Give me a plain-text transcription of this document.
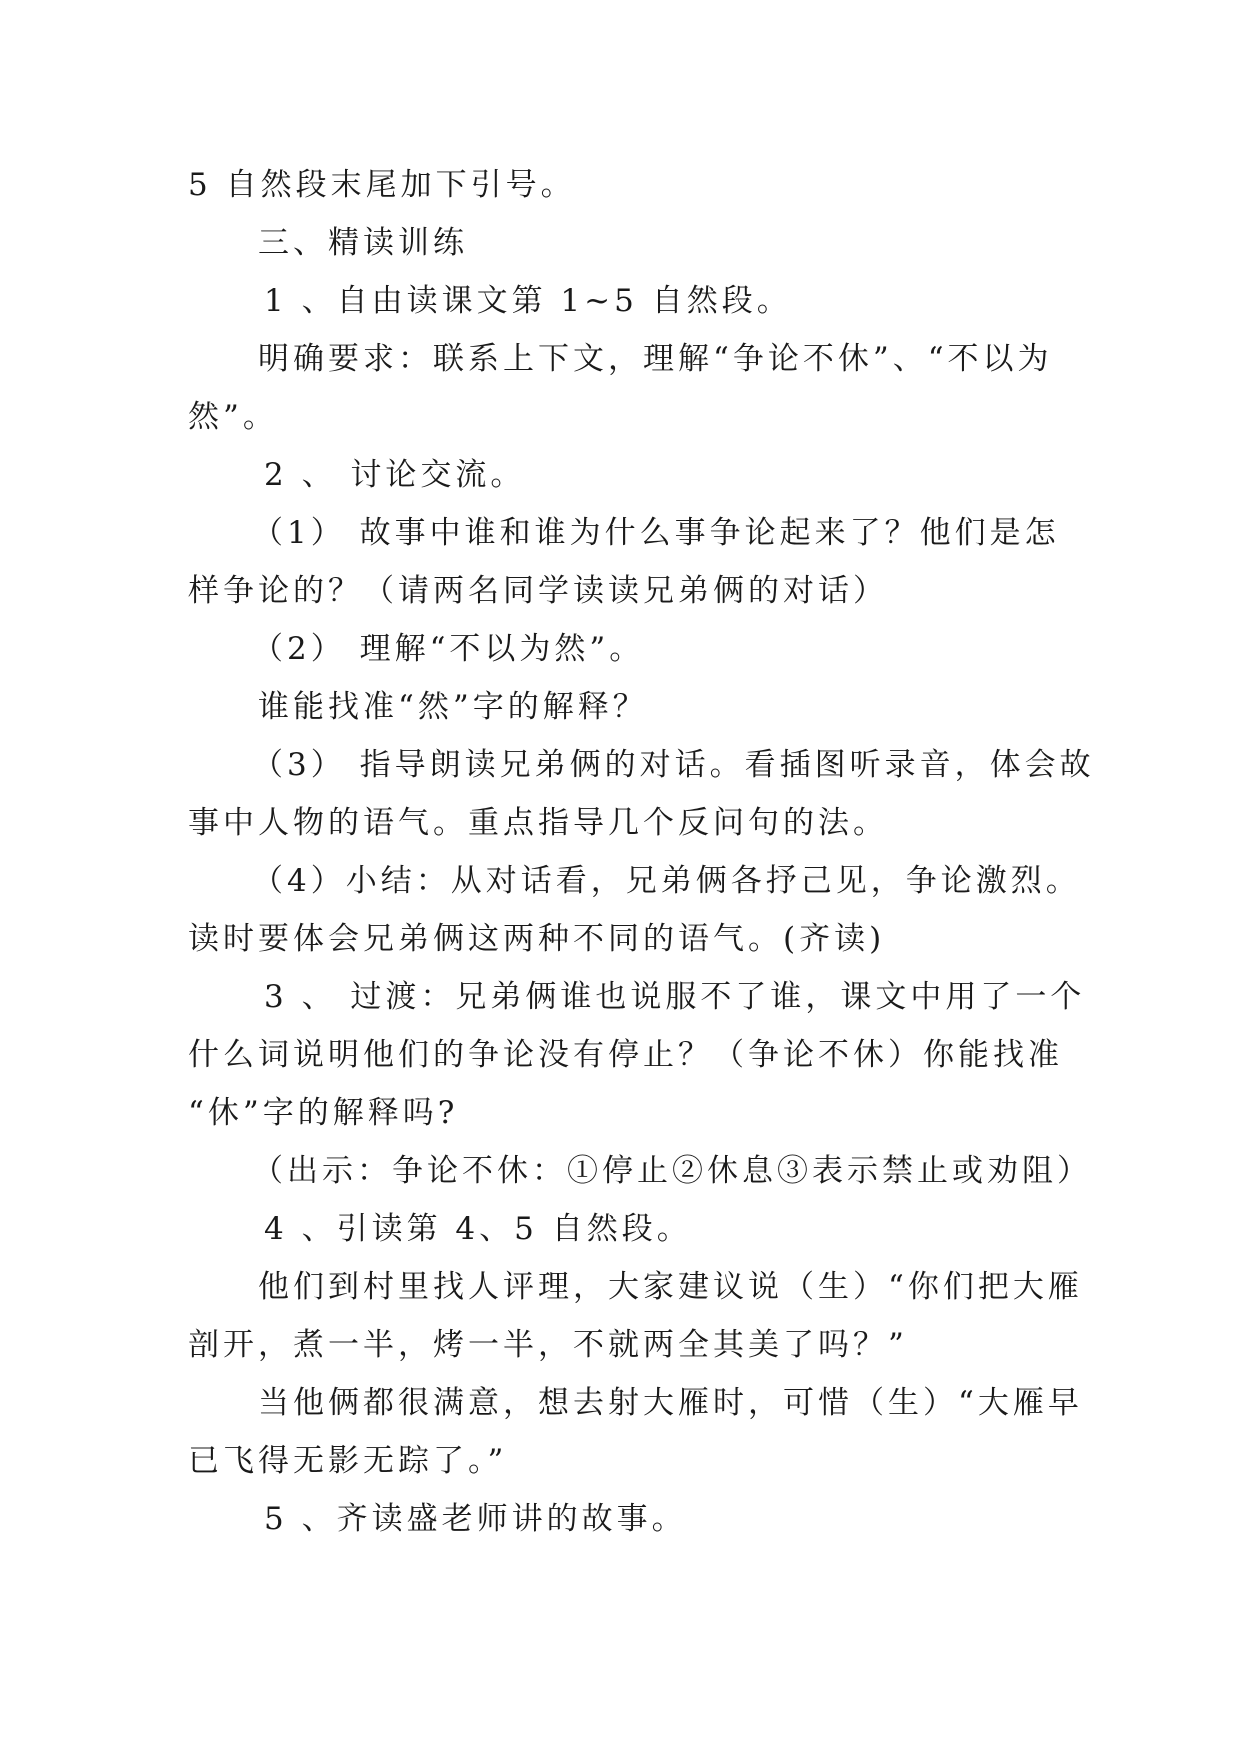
5 自然段末尾加下引号。

三、精读训练

1 、自由读课文第 1~5 自然段。

明确要求：联系上下文，理解“争论不休”、“不以为

然”。

2 、 讨论交流。

（1） 故事中谁和谁为什么事争论起来了？他们是怎

样争论的？（请两名同学读读兄弟俩的对话）

（2） 理解“不以为然”。

谁能找准“然”字的解释？

（3） 指导朗读兄弟俩的对话。看插图听录音，体会故

事中人物的语气。重点指导几个反问句的法。

（4）小结：从对话看，兄弟俩各抒己见，争论激烈。

读时要体会兄弟俩这两种不同的语气。(齐读)

3 、 过渡：兄弟俩谁也说服不了谁，课文中用了一个

什么词说明他们的争论没有停止？（争论不休）你能找准

“休”字的解释吗?

（出示：争论不休：①停止②休息③表示禁止或劝阻）

4 、引读第 4、5 自然段。

他们到村里找人评理，大家建议说（生）“你们把大雁

剖开，煮一半，烤一半，不就两全其美了吗？”

当他俩都很满意，想去射大雁时，可惜（生）“大雁早

已飞得无影无踪了。”

5 、齐读盛老师讲的故事。
